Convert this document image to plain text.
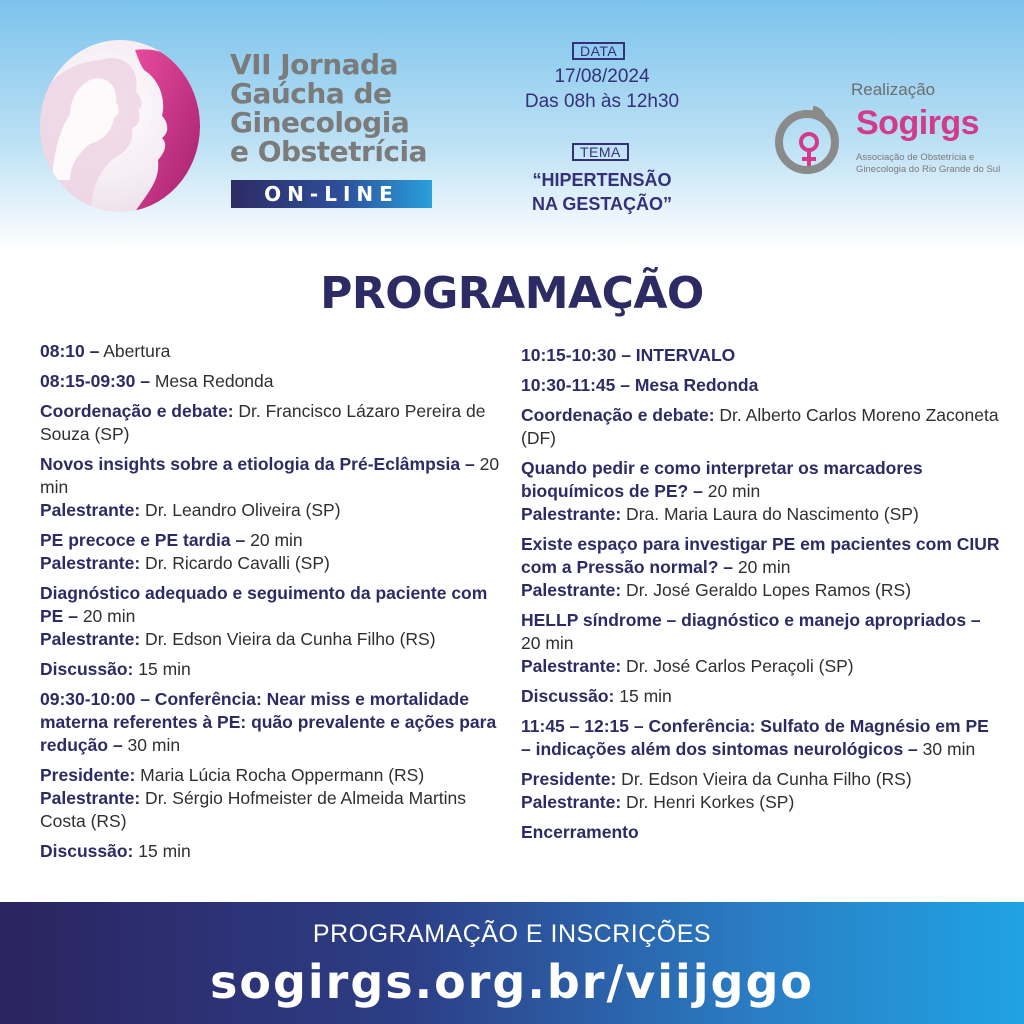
VII Jornada
Gaúcha de
Ginecologia
e Obstetrícia
ON-LINE
DATA
17/08/2024
Das 08h às 12h30
TEMA
“HIPERTENSÃO
NA GESTAÇÃO”
Realização
Sogirgs
Associação de Obstetrícia e
Ginecologia do Rio Grande do Sul
PROGRAMAÇÃO
08:10 – Abertura
08:15-09:30 – Mesa Redonda
Coordenação e debate: Dr. Francisco Lázaro Pereira de Souza (SP)
Novos insights sobre a etiologia da Pré-Eclâmpsia – 20 min
Palestrante: Dr. Leandro Oliveira (SP)
PE precoce e PE tardia – 20 min
Palestrante: Dr. Ricardo Cavalli (SP)
Diagnóstico adequado e seguimento da paciente com PE – 20 min
Palestrante: Dr. Edson Vieira da Cunha Filho (RS)
Discussão: 15 min
09:30-10:00 – Conferência: Near miss e mortalidade materna referentes à PE: quão prevalente e ações para redução – 30 min
Presidente: Maria Lúcia Rocha Oppermann (RS)
Palestrante: Dr. Sérgio Hofmeister de Almeida Martins Costa (RS)
Discussão: 15 min
10:15-10:30 – INTERVALO
10:30-11:45 – Mesa Redonda
Coordenação e debate: Dr. Alberto Carlos Moreno Zaconeta (DF)
Quando pedir e como interpretar os marcadores bioquímicos de PE? – 20 min
Palestrante: Dra. Maria Laura do Nascimento (SP)
Existe espaço para investigar PE em pacientes com CIUR com a Pressão normal? – 20 min
Palestrante: Dr. José Geraldo Lopes Ramos (RS)
HELLP síndrome – diagnóstico e manejo apropriados – 20 min
Palestrante: Dr. José Carlos Peraçoli (SP)
Discussão: 15 min
11:45 – 12:15 – Conferência: Sulfato de Magnésio em PE – indicações além dos sintomas neurológicos – 30 min
Presidente: Dr. Edson Vieira da Cunha Filho (RS)
Palestrante: Dr. Henri Korkes (SP)
Encerramento
PROGRAMAÇÃO E INSCRIÇÕES
sogirgs.org.br/viijggo
